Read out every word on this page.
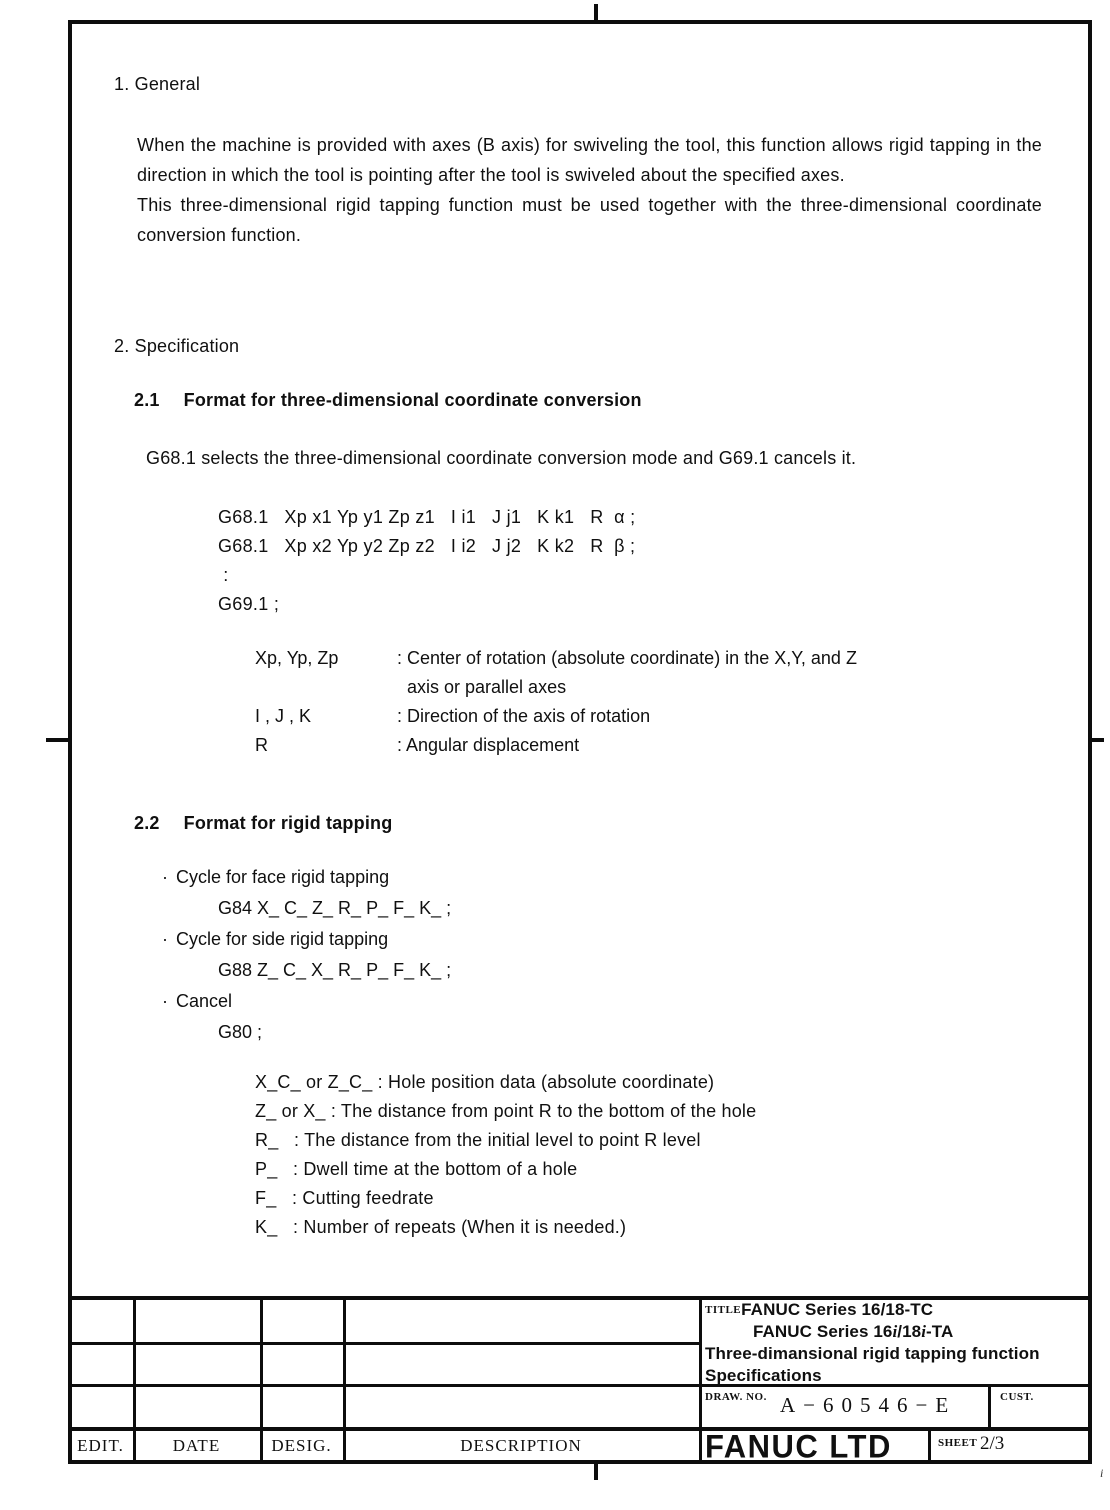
1. General

When the machine is provided with axes (B axis) for swiveling the tool, this function allows rigid tapping in the direction in which the tool is pointing after the tool is swiveled about the specified axes.

This three-dimensional rigid tapping function must be used together with the three-dimensional coordinate conversion function.

2. Specification
2.1 Format for three-dimensional coordinate conversion
G68.1 selects the three-dimensional coordinate conversion mode and G69.1 cancels it.
G68.1   Xp x1 Yp y1 Zp z1   I i1   J j1   K k1   R  α ;
G68.1   Xp x2 Yp y2 Zp z2   I i2   J j2   K k2   R  β ;
:
G69.1 ;
Xp, Yp, Zp	: Center of rotation (absolute coordinate) in the X,Y, and Z
axis or parallel axes
I , J , K	: Direction of the axis of rotation
R	: Angular displacement
2.2 Format for rigid tapping
· Cycle for face rigid tapping
G84 X_ C_ Z_ R_ P_ F_ K_ ;
· Cycle for side rigid tapping
G88 Z_ C_ X_ R_ P_ F_ K_ ;
· Cancel
G80 ;
X_C_ or Z_C_ : Hole position data (absolute coordinate)
Z_ or X_ : The distance from point R to the bottom of the hole
R_   : The distance from the initial level to point R level
P_   : Dwell time at the bottom of a hole
F_   : Cutting feedrate
K_   : Number of repeats (When it is needed.)
$^{TITLE}$FANUC Series 16/18-TC
FANUC Series 16i/18i-TA
Three-dimansional rigid tapping function
Specifications
DRAW. NO. A−60546−E	CUST.
FANUC LTD	SHEET 2/3
EDIT.	DATE	DESIG.	DESCRIPTION
i
